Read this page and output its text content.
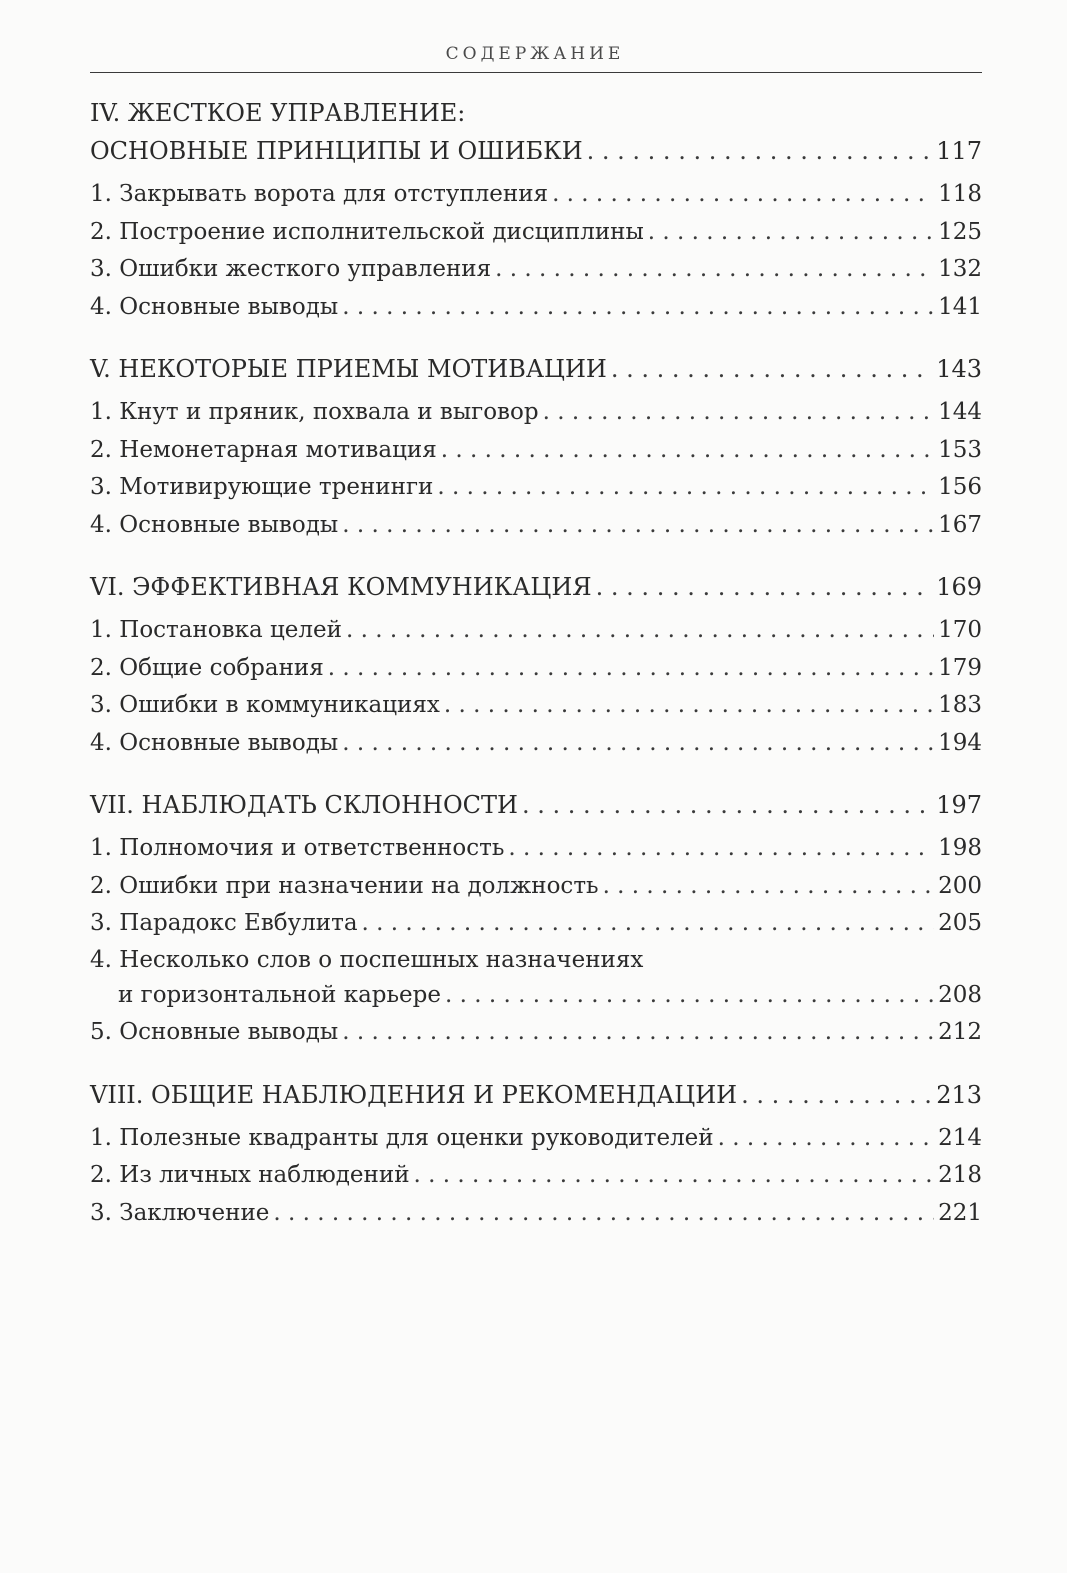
СОДЕРЖАНИЕ
IV. ЖЕСТКОЕ УПРАВЛЕНИЕ:
ОСНОВНЫЕ ПРИНЦИПЫ И ОШИБКИ . . .	117
1. Закрывать ворота для отступления . . .	118
2. Построение исполнительской дисциплины . . .	125
3. Ошибки жесткого управления . . .	132
4. Основные выводы . . .	141
V. НЕКОТОРЫЕ ПРИЕМЫ МОТИВАЦИИ . . .	143
1. Кнут и пряник, похвала и выговор . . .	144
2. Немонетарная мотивация . . .	153
3. Мотивирующие тренинги . . .	156
4. Основные выводы . . .	167
VI. ЭФФЕКТИВНАЯ КОММУНИКАЦИЯ . . .	169
1. Постановка целей . . .	170
2. Общие собрания . . .	179
3. Ошибки в коммуникациях . . .	183
4. Основные выводы . . .	194
VII. НАБЛЮДАТЬ СКЛОННОСТИ . . .	197
1. Полномочия и ответственность . . .	198
2. Ошибки при назначении на должность . . .	200
3. Парадокс Евбулита . . .	205
4. Несколько слов о поспешных назначениях
и горизонтальной карьере . . .	208
5. Основные выводы . . .	212
VIII. ОБЩИЕ НАБЛЮДЕНИЯ И РЕКОМЕНДАЦИИ . . .	213
1. Полезные квадранты для оценки руководителей . . .	214
2. Из личных наблюдений . . .	218
3. Заключение . . .	221
